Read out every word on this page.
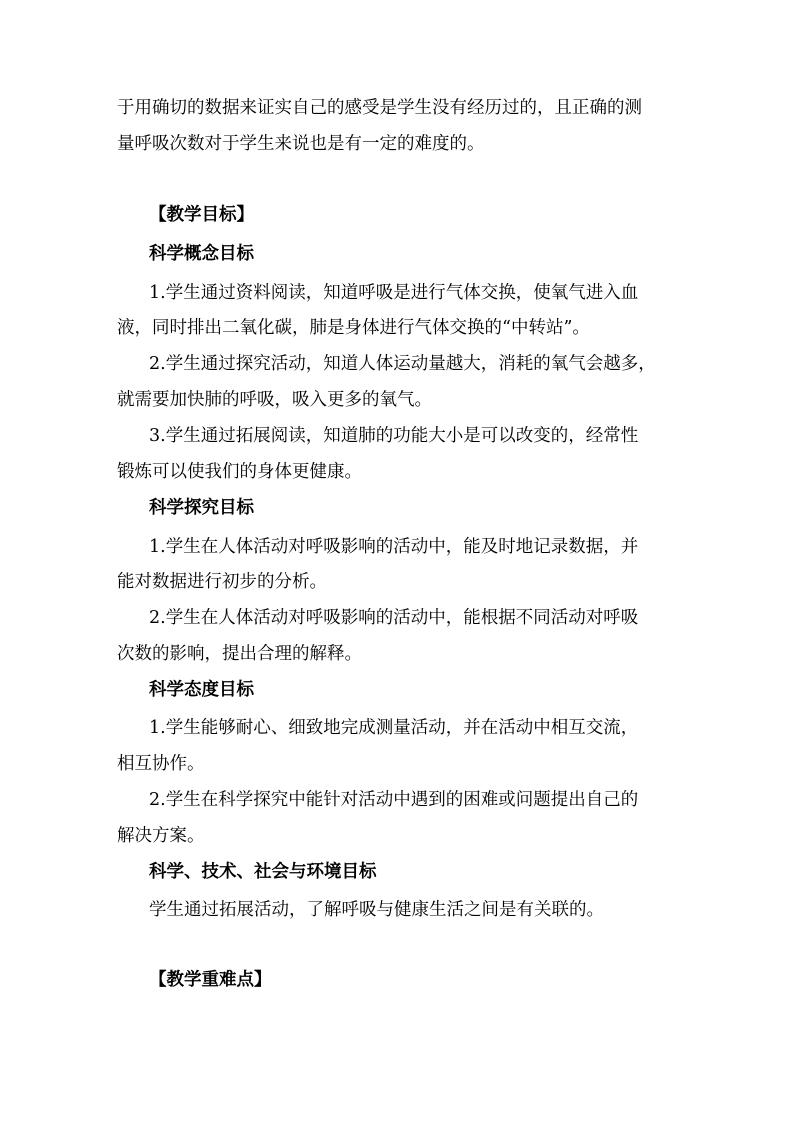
于用确切的数据来证实自己的感受是学生没有经历过的，且正确的测
量呼吸次数对于学生来说也是有一定的难度的。
【教学目标】
科学概念目标
1.学生通过资料阅读，知道呼吸是进行气体交换，使氧气进入血
液，同时排出二氧化碳，肺是身体进行气体交换的“中转站”。
2.学生通过探究活动，知道人体运动量越大，消耗的氧气会越多，
就需要加快肺的呼吸，吸入更多的氧气。
3.学生通过拓展阅读，知道肺的功能大小是可以改变的，经常性
锻炼可以使我们的身体更健康。
科学探究目标
1.学生在人体活动对呼吸影响的活动中，能及时地记录数据，并
能对数据进行初步的分析。
2.学生在人体活动对呼吸影响的活动中，能根据不同活动对呼吸
次数的影响，提出合理的解释。
科学态度目标
1.学生能够耐心、细致地完成测量活动，并在活动中相互交流，
相互协作。
2.学生在科学探究中能针对活动中遇到的困难或问题提出自己的
解决方案。
科学、技术、社会与环境目标
学生通过拓展活动，了解呼吸与健康生活之间是有关联的。
【教学重难点】
